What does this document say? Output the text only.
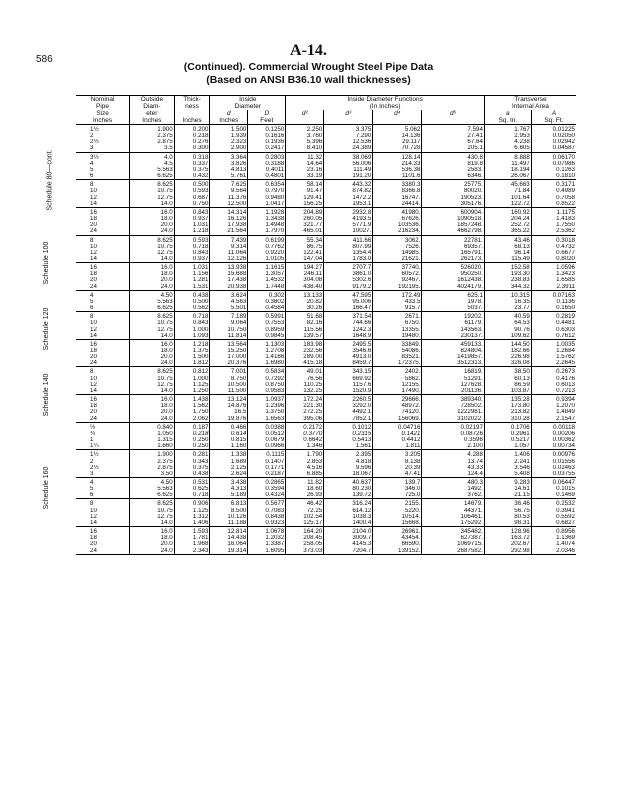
586
A-14.
(Continued). Commercial Wrought Steel Pipe Data
(Based on ANSI B36.10 wall thicknesses)
Nominal	Outside	Thick-	Inside		Inside Diameter Functions				Transverse	
Pipe	Diam-	ness	Diameter		(In Inches)				Internal Area	
Size	eter		d	D	d²	d³	d⁴	d⁵	a	A
Inches	Inches	Inches	Inches	Feet					Sq. In.	Sq. Ft.
1½	1.900	0.200	1.500	0.1250	2.250	3.375	5.062	7.594	1.767	0.01225
2	2.375	0.218	1.939	0.1616	3.760	7.290	14.136	27.41	2.953	0.02050
2½	2.875	0.276	2.323	0.1936	5.396	12.536	29.117	67.64	4.238	0.02942
3	3.5	0.300	2.900	0.2417	8.410	24.389	70.728	205.1	6.605	0.04587
3½	4.0	0.318	3.364	0.2803	11.32	38.069	128.14	430.8	8.888	0.06170
4	4.5	0.337	3.826	0.3188	14.64	56.006	214.33	819.8	11.497	0.07986
5	5.563	0.375	4.813	0.4011	23.16	111.49	536.38	2583.	18.194	0.1263
6	6.625	0.432	5.761	0.4801	33.19	191.20	1101.6	6346.	26.067	0.1810
8	8.625	0.500	7.625	0.6354	58.14	443.32	3380.3	25775.	45.663	0.3171
10	10.75	0.593	9.564	0.7970	91.47	874.82	8366.8	80020.	71.84	0.4989
12	12.75	0.687	11.376	0.9480	129.41	1472.2	16747.	190523.	101.64	0.7058
14	14.0	0.750	12.500	1.0417	156.25	1953.1	24414.	305176.	122.72	0.8522
16	16.0	0.843	14.314	1.1928	204.89	2932.8	41980.	600904.	160.92	1.1175
18	18.0	0.937	16.126	1.3438	260.05	4193.5	67626.	1090518.	204.24	1.4183
20	20.0	1.031	17.938	1.4948	321.77	5771.9	103536.	1857248.	252.72	1.7550
24	24.0	1.218	21.564	1.7970	465.01	10027.	216234.	4662798.	365.22	2.5362
8	8.625	0.593	7.439	0.6199	55.34	411.66	3062.	22781.	43.46	0.3018
10	10.75	0.718	9.314	0.7762	86.75	807.99	7526.	69357.	68.13	0.4732
12	12.75	0.843	11.064	0.9220	122.41	1354.4	14985.	165791.	96.14	0.6677
14	14.0	0.937	12.126	1.0105	147.04	1783.0	21621.	262173.	115.49	0.8020
16	16.0	1.031	13.938	1.1615	194.27	2707.7	37740.	526020.	152.58	1.0596
18	18.0	1.156	15.688	1.3057	246.11	3861.0	60572.	950250.	193.30	1.3423
20	20.0	1.281	17.438	1.4532	304.08	5302.6	92467.	1612438.	238.83	1.6585
24	24.0	1.531	20.938	1.7448	438.40	9179.2	192195.	4024179.	344.32	2.3911
4	4.50	0.438	3.624	0.302	13.133	47.595	172.49	625.1	10.315	0.07163
5	5.563	0.500	4.563	0.3802	20.82	95.006	433.5	1978.	16.35	0.1136
6	6.625	0.562	5.501	0.4584	30.26	166.47	915.7	5037.	23.77	0.1650
8	8.625	0.718	7.189	0.5991	51.68	371.54	2671.	19202.	40.59	0.2819
10	10.75	0.843	9.064	0.7553	82.16	744.66	6750.	61179.	64.53	0.4481
12	12.75	1.000	10.750	0.8959	115.56	1242.3	13355.	143563.	90.76	0.6303
14	14.0	1.093	11.814	0.9845	139.57	1648.9	19480.	230137.	109.62	0.7612
16	16.0	1.218	13.564	1.1303	183.98	2495.5	33849.	459133.	144.50	1.0035
18	18.0	1.375	15.250	1.2708	232.56	3546.6	54086.	824804.	182.66	1.2684
20	20.0	1.500	17.000	1.4166	289.00	4913.0	83521.	1419857.	226.98	1.5762
24	24.0	1.812	20.376	1.6980	415.18	8459.7	172375.	3512313.	326.08	2.2645
8	8.625	0.812	7.001	0.5834	49.01	343.15	2402.	16819.	38.50	0.2673
10	10.75	1.000	8.750	0.7292	76.56	669.92	5862.	51291.	60.13	0.4176
12	12.75	1.125	10.500	0.8750	110.25	1157.6	12155.	127628.	86.59	0.6013
14	14.0	1.250	11.500	0.9583	132.25	1520.9	17490.	201136.	103.87	0.7213
16	16.0	1.438	13.124	1.0937	172.24	2260.5	29666.	389340.	135.28	0.9394
18	18.0	1.562	14.876	1.2396	221.30	3292.0	48972.	728502.	173.80	1.2070
20	20.0	1.750	16.5	1.3750	272.25	4492.1	74120.	1222981.	213.82	1.4849
24	24.0	2.062	19.876	1.6563	395.06	7852.1	156069.	3102022.	310.28	2.1547
½	0.840	0.187	0.466	0.0388	0.2172	0.1012	0.04716	0.02197	0.1706	0.00118
¾	1.050	0.218	0.614	0.0512	0.3770	0.2315	0.1421	0.08726	0.2961	0.00206
1	1.315	0.250	0.815	0.0679	0.6642	0.5413	0.4412	0.3596	0.5217	0.00362
1¼	1.660	0.250	1.160	0.0966	1.346	1.561	1.811	2.100	1.057	0.00734
1½	1.900	0.281	1.338	0.1115	1.790	2.395	3.205	4.288	1.406	0.00976
2	2.375	0.343	1.689	0.1407	2.853	4.818	8.138	13.74	2.241	0.01556
2½	2.875	0.375	2.125	0.1771	4.516	9.596	20.39	43.33	3.546	0.02463
3	3.50	0.438	2.624	0.2187	6.885	18.067	47.41	124.4	5.408	0.03755
4	4.50	0.531	3.438	0.2865	11.82	40.637	139.7	480.3	9.283	0.06447
5	5.563	0.625	4.313	0.3594	18.60	80.230	346.0	1492.	14.61	0.1015
6	6.625	0.718	5.189	0.4324	26.93	139.72	725.0	3762.	21.15	0.1469
8	8.625	0.906	6.813	0.5677	46.42	316.24	2155.	14679.	36.46	0.2532
10	10.75	1.125	8.500	0.7083	72.25	614.12	5220.	44371.	56.75	0.3941
12	12.75	1.312	10.126	0.8438	102.54	1038.3	10514.	106461.	80.53	0.5592
14	14.0	1.406	11.188	0.9323	125.17	1400.4	15668.	175292.	98.31	0.6827
16	16.0	1.593	12.814	1.0678	164.20	2104.0	26961.	345482.	128.96	0.8956
18	18.0	1.781	14.438	1.2032	208.45	3009.7	43454.	627387.	163.72	1.1369
20	20.0	1.968	16.064	1.3387	258.05	4145.3	66590.	1069715.	202.67	1.4074
24	24.0	2.343	19.314	1.6095	373.03	7204.7	139152.	2687582.	292.98	2.0346
Schedule 80—cont.
Schedule 100
Schedule 120
Schedule 140
Schedule 160
